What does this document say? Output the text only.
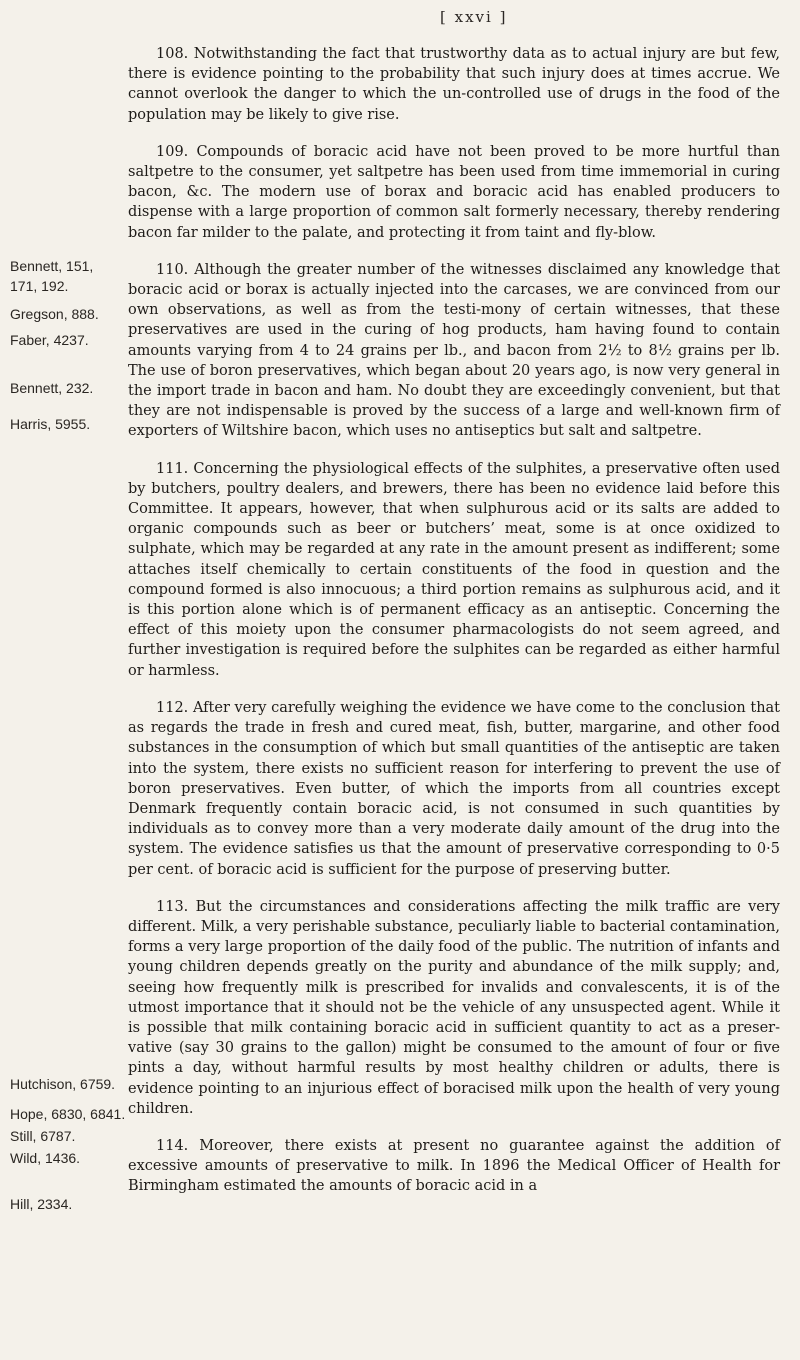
[ xxvi ]
Bennett, 151,
171, 192.
Gregson, 888.
Faber, 4237.
Bennett, 232.
Harris, 5955.
Hutchison, 6759.
Hope, 6830, 6841.
Still, 6787.
Wild, 1436.
Hill, 2334.

108. Notwithstanding the fact that trustworthy data as to actual injury are but few, there is evidence pointing to the probability that such injury does at times accrue. We cannot overlook the danger to which the un-controlled use of drugs in the food of the population may be likely to give rise.

109. Compounds of boracic acid have not been proved to be more hurtful than saltpetre to the consumer, yet saltpetre has been used from time immemorial in curing bacon, &c. The modern use of borax and boracic acid has enabled producers to dispense with a large proportion of common salt formerly necessary, thereby rendering bacon far milder to the palate, and protecting it from taint and fly-blow.

110. Although the greater number of the witnesses disclaimed any knowledge that boracic acid or borax is actually injected into the carcases, we are convinced from our own observations, as well as from the testi-mony of certain witnesses, that these preservatives are used in the curing of hog products, ham having found to contain amounts varying from 4 to 24 grains per lb., and bacon from 2½ to 8½ grains per lb. The use of boron preservatives, which began about 20 years ago, is now very general in the import trade in bacon and ham. No doubt they are exceedingly convenient, but that they are not indispensable is proved by the success of a large and well-known firm of exporters of Wiltshire bacon, which uses no antiseptics but salt and saltpetre.

111. Concerning the physiological effects of the sulphites, a preservative often used by butchers, poultry dealers, and brewers, there has been no evidence laid before this Committee. It appears, however, that when sulphurous acid or its salts are added to organic compounds such as beer or butchers’ meat, some is at once oxidized to sulphate, which may be regarded at any rate in the amount present as indifferent; some attaches itself chemically to certain constituents of the food in question and the compound formed is also innocuous; a third portion remains as sulphurous acid, and it is this portion alone which is of permanent efficacy as an antiseptic. Concerning the effect of this moiety upon the consumer pharmacologists do not seem agreed, and further investigation is required before the sulphites can be regarded as either harmful or harmless.

112. After very carefully weighing the evidence we have come to the conclusion that as regards the trade in fresh and cured meat, fish, butter, margarine, and other food substances in the consumption of which but small quantities of the antiseptic are taken into the system, there exists no sufficient reason for interfering to prevent the use of boron preservatives. Even butter, of which the imports from all countries except Denmark frequently contain boracic acid, is not consumed in such quantities by individuals as to convey more than a very moderate daily amount of the drug into the system. The evidence satisfies us that the amount of preservative corresponding to 0·5 per cent. of boracic acid is sufficient for the purpose of preserving butter.

113. But the circumstances and considerations affecting the milk traffic are very different. Milk, a very perishable substance, peculiarly liable to bacterial contamination, forms a very large proportion of the daily food of the public. The nutrition of infants and young children depends greatly on the purity and abundance of the milk supply; and, seeing how frequently milk is prescribed for invalids and convalescents, it is of the utmost importance that it should not be the vehicle of any unsuspected agent. While it is possible that milk containing boracic acid in sufficient quantity to act as a preser-vative (say 30 grains to the gallon) might be consumed to the amount of four or five pints a day, without harmful results by most healthy children or adults, there is evidence pointing to an injurious effect of boracised milk upon the health of very young children.

114. Moreover, there exists at present no guarantee against the addition of excessive amounts of preservative to milk. In 1896 the Medical Officer of Health for Birmingham estimated the amounts of boracic acid in a
